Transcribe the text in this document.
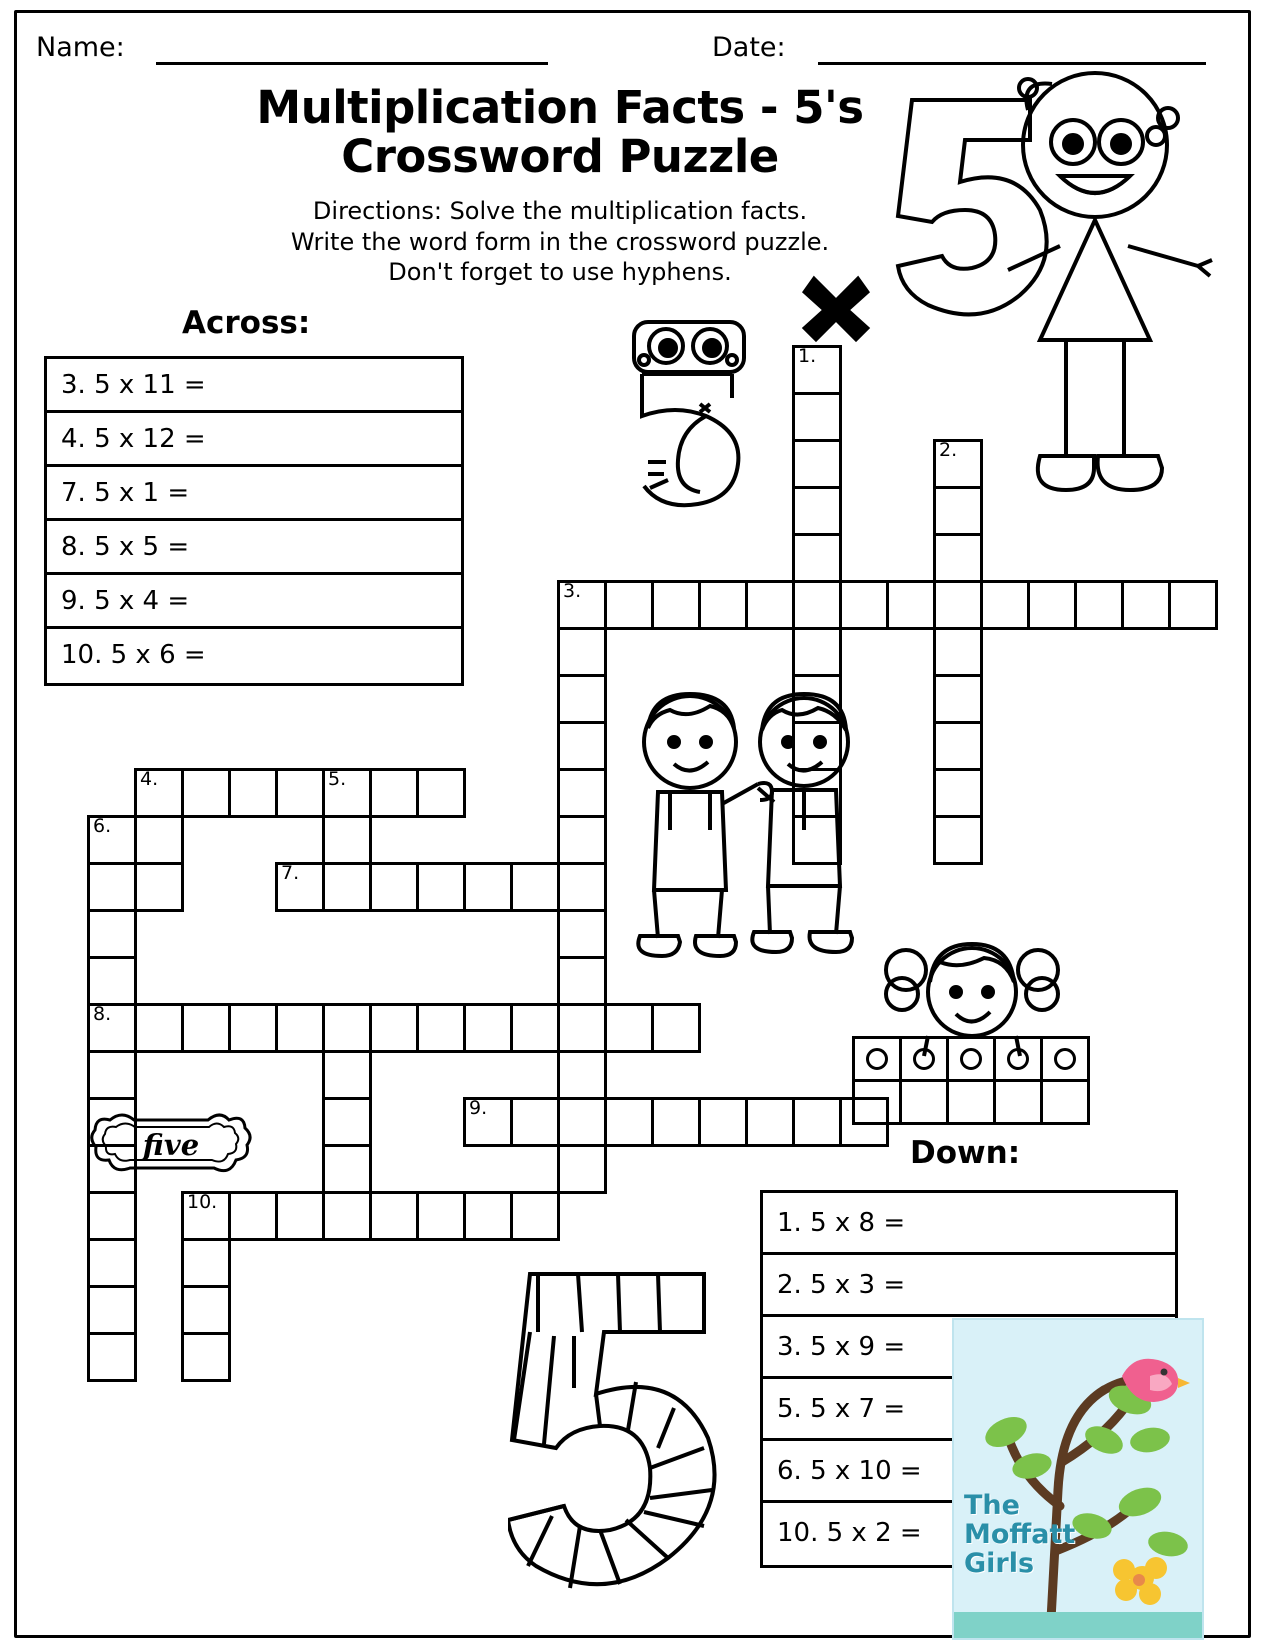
Name:	Date:
Multiplication Facts - 5's
Crossword Puzzle
Directions: Solve the multiplication facts.
Write the word form in the crossword puzzle.
Don't forget to use hyphens.
Across:
3. 5 x 11 =
4. 5 x 12 =
7. 5 x 1 =
8. 5 x 5 =
9. 5 x 4 =
10. 5 x 6 =
Down:
1. 5 x 8 =
2. 5 x 3 =
3. 5 x 9 =
5. 5 x 7 =
6. 5 x 10 =
10. 5 x 2 =
1.
2.
3.
4.	5.
6.
8.
7.
9.
10.
five
The
Moffatt
Girls
